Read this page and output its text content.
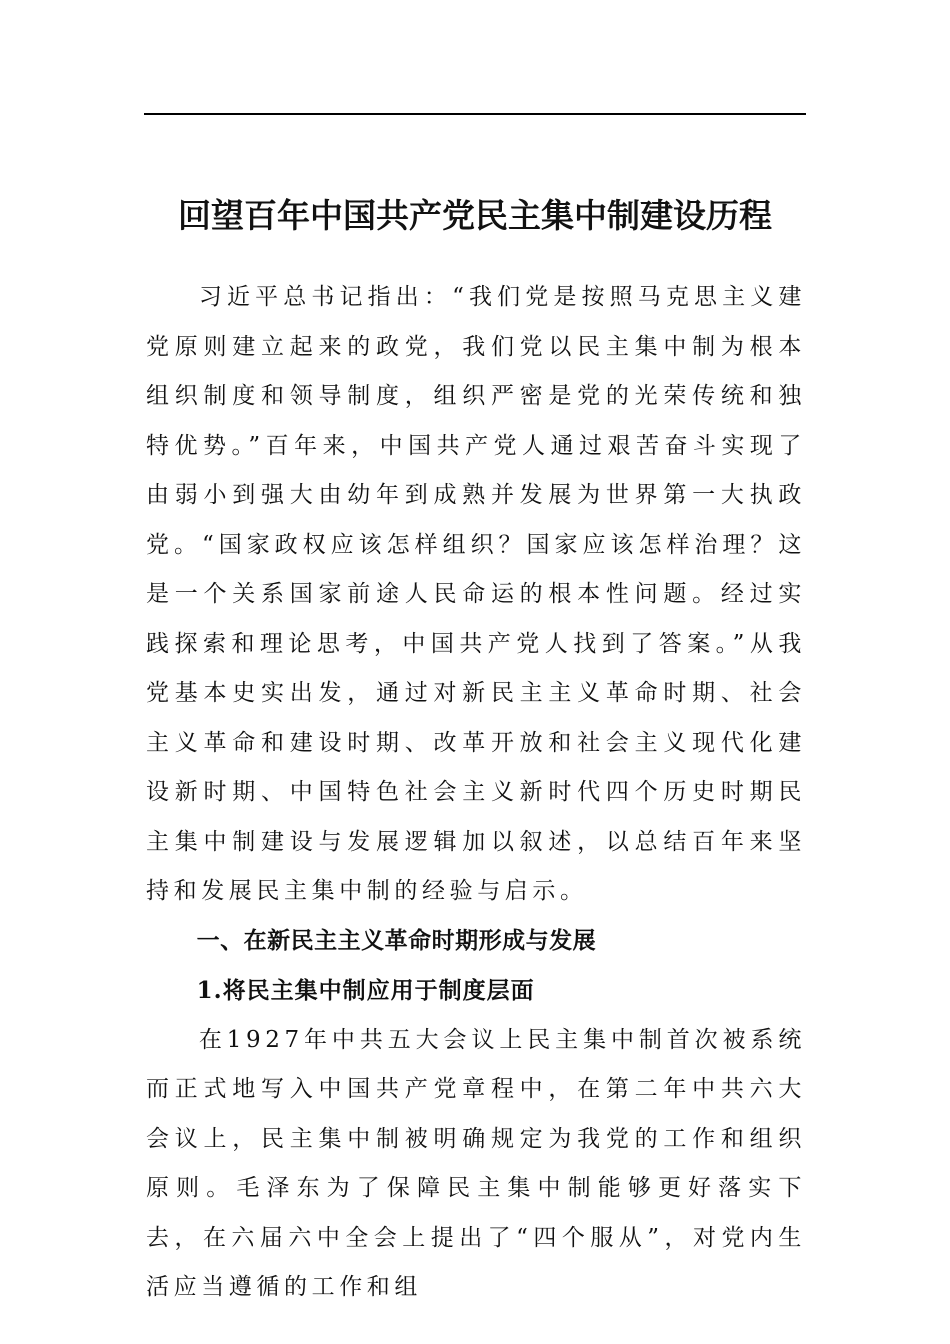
回望百年中国共产党民主集中制建设历程

习近平总书记指出：“我们党是按照马克思主义建党原则建立起来的政党，我们党以民主集中制为根本组织制度和领导制度，组织严密是党的光荣传统和独特优势。”百年来，中国共产党人通过艰苦奋斗实现了由弱小到强大由幼年到成熟并发展为世界第一大执政党。“国家政权应该怎样组织？国家应该怎样治理？这是一个关系国家前途人民命运的根本性问题。经过实践探索和理论思考，中国共产党人找到了答案。”从我党基本史实出发，通过对新民主主义革命时期、社会主义革命和建设时期、改革开放和社会主义现代化建设新时期、中国特色社会主义新时代四个历史时期民主集中制建设与发展逻辑加以叙述，以总结百年来坚持和发展民主集中制的经验与启示。

一、在新民主主义革命时期形成与发展
1.将民主集中制应用于制度层面

在1927年中共五大会议上民主集中制首次被系统而正式地写入中国共产党章程中，在第二年中共六大会议上，民主集中制被明确规定为我党的工作和组织原则。毛泽东为了保障民主集中制能够更好落实下去，在六届六中全会上提出了“四个服从”，对党内生活应当遵循的工作和组
